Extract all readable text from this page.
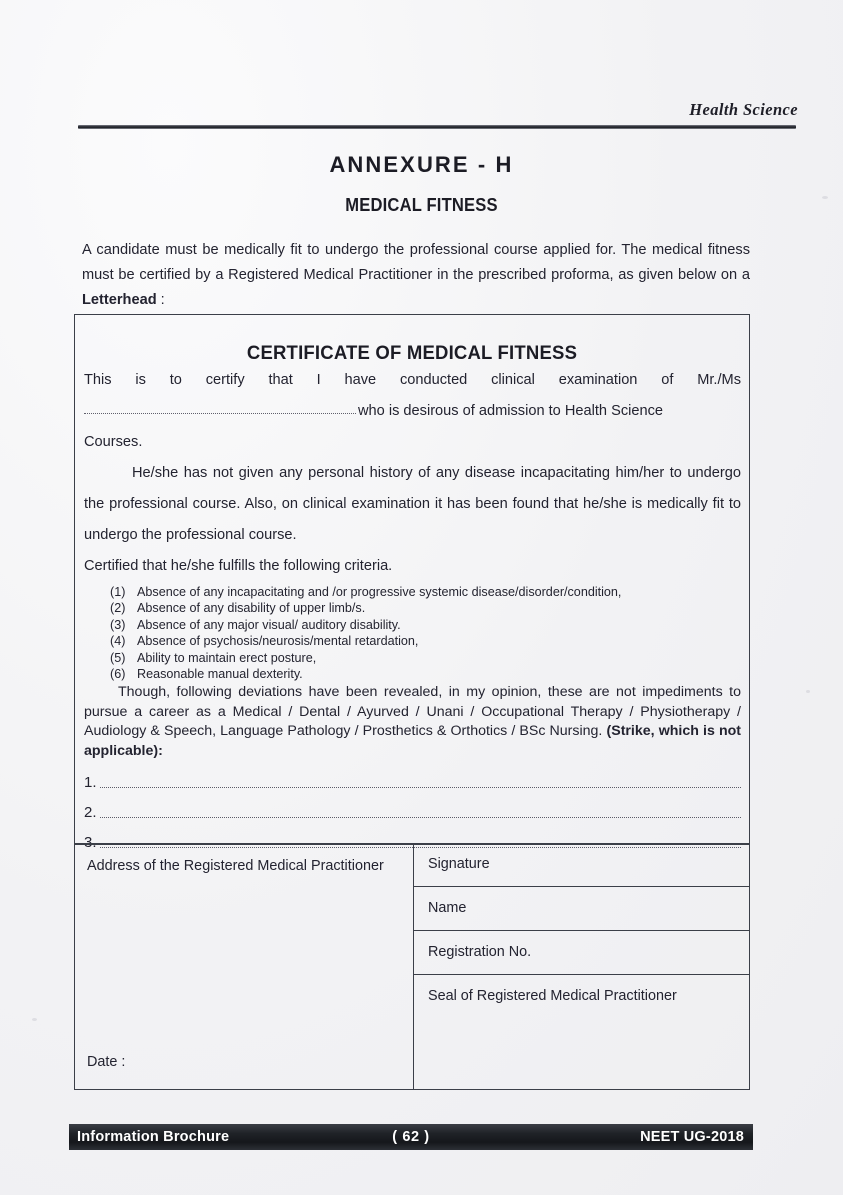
Health Science
ANNEXURE - H
MEDICAL FITNESS
A candidate must be medically fit to undergo the professional course applied for. The medical fitness must be certified by a Registered Medical Practitioner in the prescribed proforma, as given below on a Letterhead :
CERTIFICATE OF MEDICAL FITNESS
This is to certify that I have conducted clinical examination of Mr./Ms
who is desirous of admission to Health Science
Courses.
He/she has not given any personal history of any disease incapacitating him/her to undergo the professional course. Also, on clinical examination it has been found that he/she is medically fit to undergo the professional course.
Certified that he/she fulfills the following criteria.
(1) Absence of any incapacitating and /or progressive systemic disease/disorder/condition,
(2) Absence of any disability of upper limb/s.
(3) Absence of any major visual/ auditory disability.
(4) Absence of psychosis/neurosis/mental retardation,
(5) Ability to maintain erect posture,
(6) Reasonable manual dexterity.
Though, following deviations have been revealed, in my opinion, these are not impediments to pursue a career as a Medical / Dental / Ayurved / Unani / Occupational Therapy / Physiotherapy / Audiology & Speech, Language Pathology / Prosthetics & Orthotics / BSc Nursing. (Strike, which is not applicable):
1.
2.
Address of the Registered Medical Practitioner
Date :
Signature
Name
Registration No.
Seal of Registered Medical Practitioner
Information Brochure	( 62 )	NEET UG-2018
